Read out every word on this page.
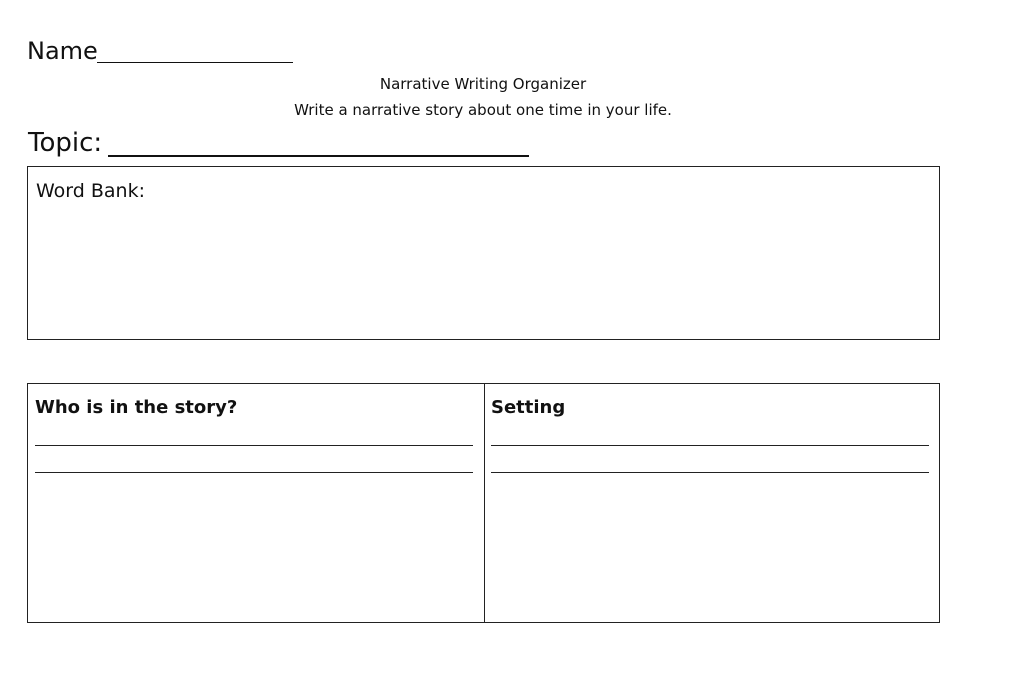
Name
Narrative Writing Organizer
Write a narrative story about one time in your life.
Topic:
Word Bank:
Who is in the story?	Setting
